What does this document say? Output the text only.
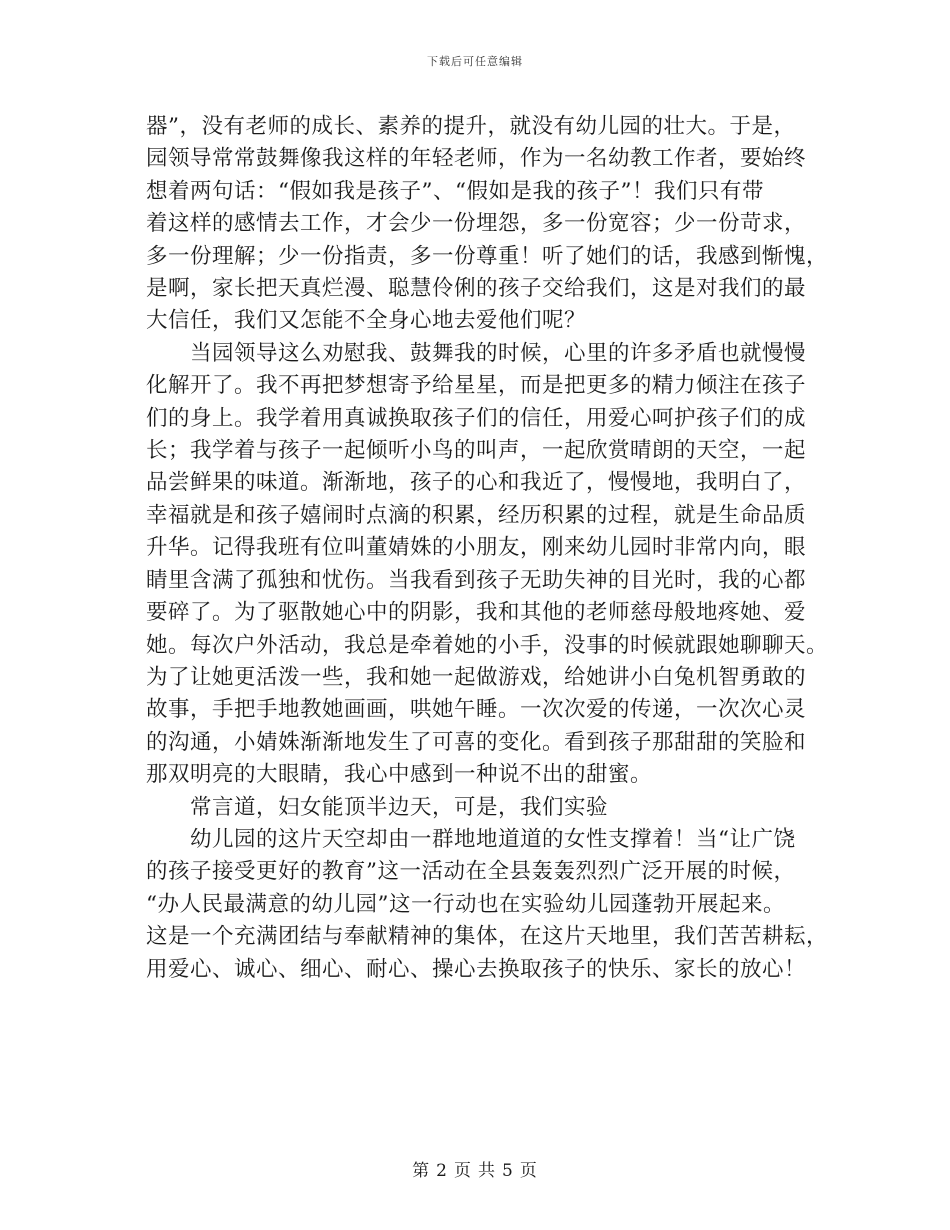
下载后可任意编辑

器”，没有老师的成长、素养的提升，就没有幼儿园的壮大。于是，

园领导常常鼓舞像我这样的年轻老师，作为一名幼教工作者，要始终

想着两句话：“假如我是孩子”、“假如是我的孩子”！我们只有带

着这样的感情去工作，才会少一份埋怨，多一份宽容；少一份苛求，

多一份理解；少一份指责，多一份尊重！听了她们的话，我感到惭愧，

是啊，家长把天真烂漫、聪慧伶俐的孩子交给我们，这是对我们的最

大信任，我们又怎能不全身心地去爱他们呢？

当园领导这么劝慰我、鼓舞我的时候，心里的许多矛盾也就慢慢

化解开了。我不再把梦想寄予给星星，而是把更多的精力倾注在孩子

们的身上。我学着用真诚换取孩子们的信任，用爱心呵护孩子们的成

长；我学着与孩子一起倾听小鸟的叫声，一起欣赏晴朗的天空，一起

品尝鲜果的味道。渐渐地，孩子的心和我近了，慢慢地，我明白了，

幸福就是和孩子嬉闹时点滴的积累，经历积累的过程，就是生命品质

升华。记得我班有位叫董婧姝的小朋友，刚来幼儿园时非常内向，眼

睛里含满了孤独和忧伤。当我看到孩子无助失神的目光时，我的心都

要碎了。为了驱散她心中的阴影，我和其他的老师慈母般地疼她、爱

她。每次户外活动，我总是牵着她的小手，没事的时候就跟她聊聊天。

为了让她更活泼一些，我和她一起做游戏，给她讲小白兔机智勇敢的

故事，手把手地教她画画，哄她午睡。一次次爱的传递，一次次心灵

的沟通，小婧姝渐渐地发生了可喜的变化。看到孩子那甜甜的笑脸和

那双明亮的大眼睛，我心中感到一种说不出的甜蜜。

常言道，妇女能顶半边天，可是，我们实验

幼儿园的这片天空却由一群地地道道的女性支撑着！当“让广饶

的孩子接受更好的教育”这一活动在全县轰轰烈烈广泛开展的时候，

“办人民最满意的幼儿园”这一行动也在实验幼儿园蓬勃开展起来。

这是一个充满团结与奉献精神的集体，在这片天地里，我们苦苦耕耘，

用爱心、诚心、细心、耐心、操心去换取孩子的快乐、家长的放心！

第 2 页 共 5 页
